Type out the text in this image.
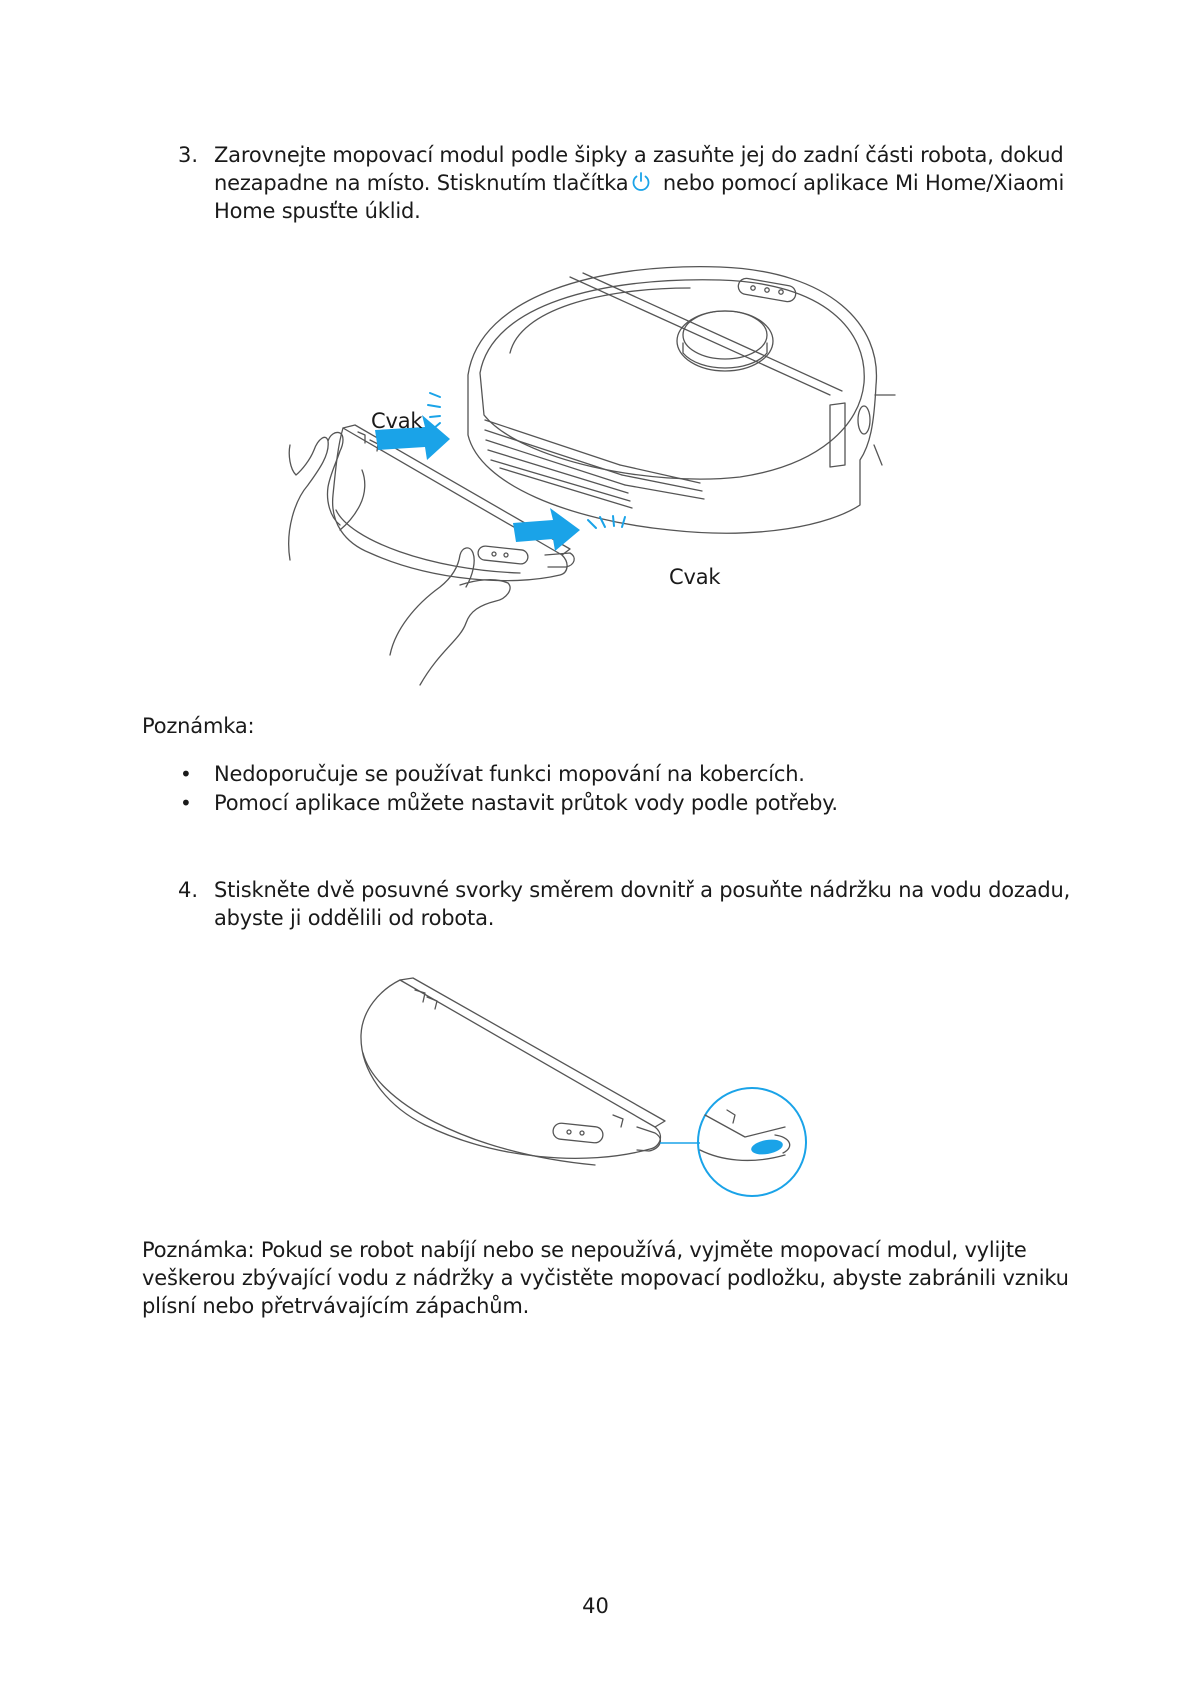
3. Zarovnejte mopovací modul podle šipky a zasuňte jej do zadní části robota, dokud
nezapadne na místo. Stisknutím tlačítka nebo pomocí aplikace Mi Home/Xiaomi
Home spusťte úklid.
Cvak
Cvak
Poznámka:
• Nedoporučuje se používat funkci mopování na kobercích.
• Pomocí aplikace můžete nastavit průtok vody podle potřeby.
4. Stiskněte dvě posuvné svorky směrem dovnitř a posuňte nádržku na vodu dozadu,
abyste ji oddělili od robota.
Poznámka: Pokud se robot nabíjí nebo se nepoužívá, vyjměte mopovací modul, vylijte
veškerou zbývající vodu z nádržky a vyčistěte mopovací podložku, abyste zabránili vzniku
plísní nebo přetrvávajícím zápachům.
40
